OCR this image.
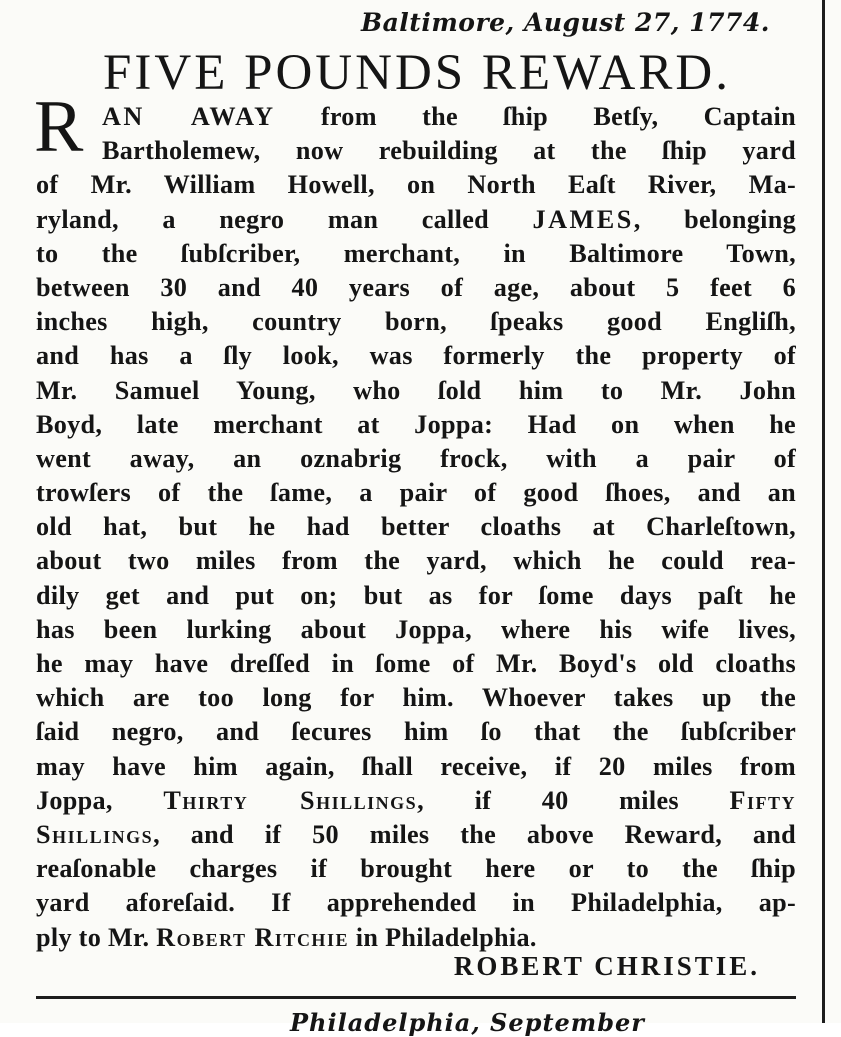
Baltimore, August 27, 1774.
FIVE POUNDS REWARD.
R AN AWAY from the ſhip Betſy, Captain
Bartholemew, now rebuilding at the ſhip yard
of Mr. William Howell, on North Eaſt River, Ma-
ryland, a negro man called JAMES, belonging
to the ſubſcriber, merchant, in Baltimore Town,
between 30 and 40 years of age, about 5 feet 6
inches high, country born, ſpeaks good Engliſh,
and has a ſly look, was formerly the property of
Mr. Samuel Young, who ſold him to Mr. John
Boyd, late merchant at Joppa: Had on when he
went away, an oznabrig frock, with a pair of
trowſers of the ſame, a pair of good ſhoes, and an
old hat, but he had better cloaths at Charleſtown,
about two miles from the yard, which he could rea-
dily get and put on; but as for ſome days paſt he
has been lurking about Joppa, where his wife lives,
he may have dreſſed in ſome of Mr. Boyd's old cloaths
which are too long for him. Whoever takes up the
ſaid negro, and ſecures him ſo that the ſubſcriber
may have him again, ſhall receive, if 20 miles from
Joppa, Thirty Shillings, if 40 miles Fifty
Shillings, and if 50 miles the above Reward, and
reaſonable charges if brought here or to the ſhip
yard aforeſaid. If apprehended in Philadelphia, ap-
ply to Mr. Robert Ritchie in Philadelphia.
ROBERT CHRISTIE.
Philadelphia, September
